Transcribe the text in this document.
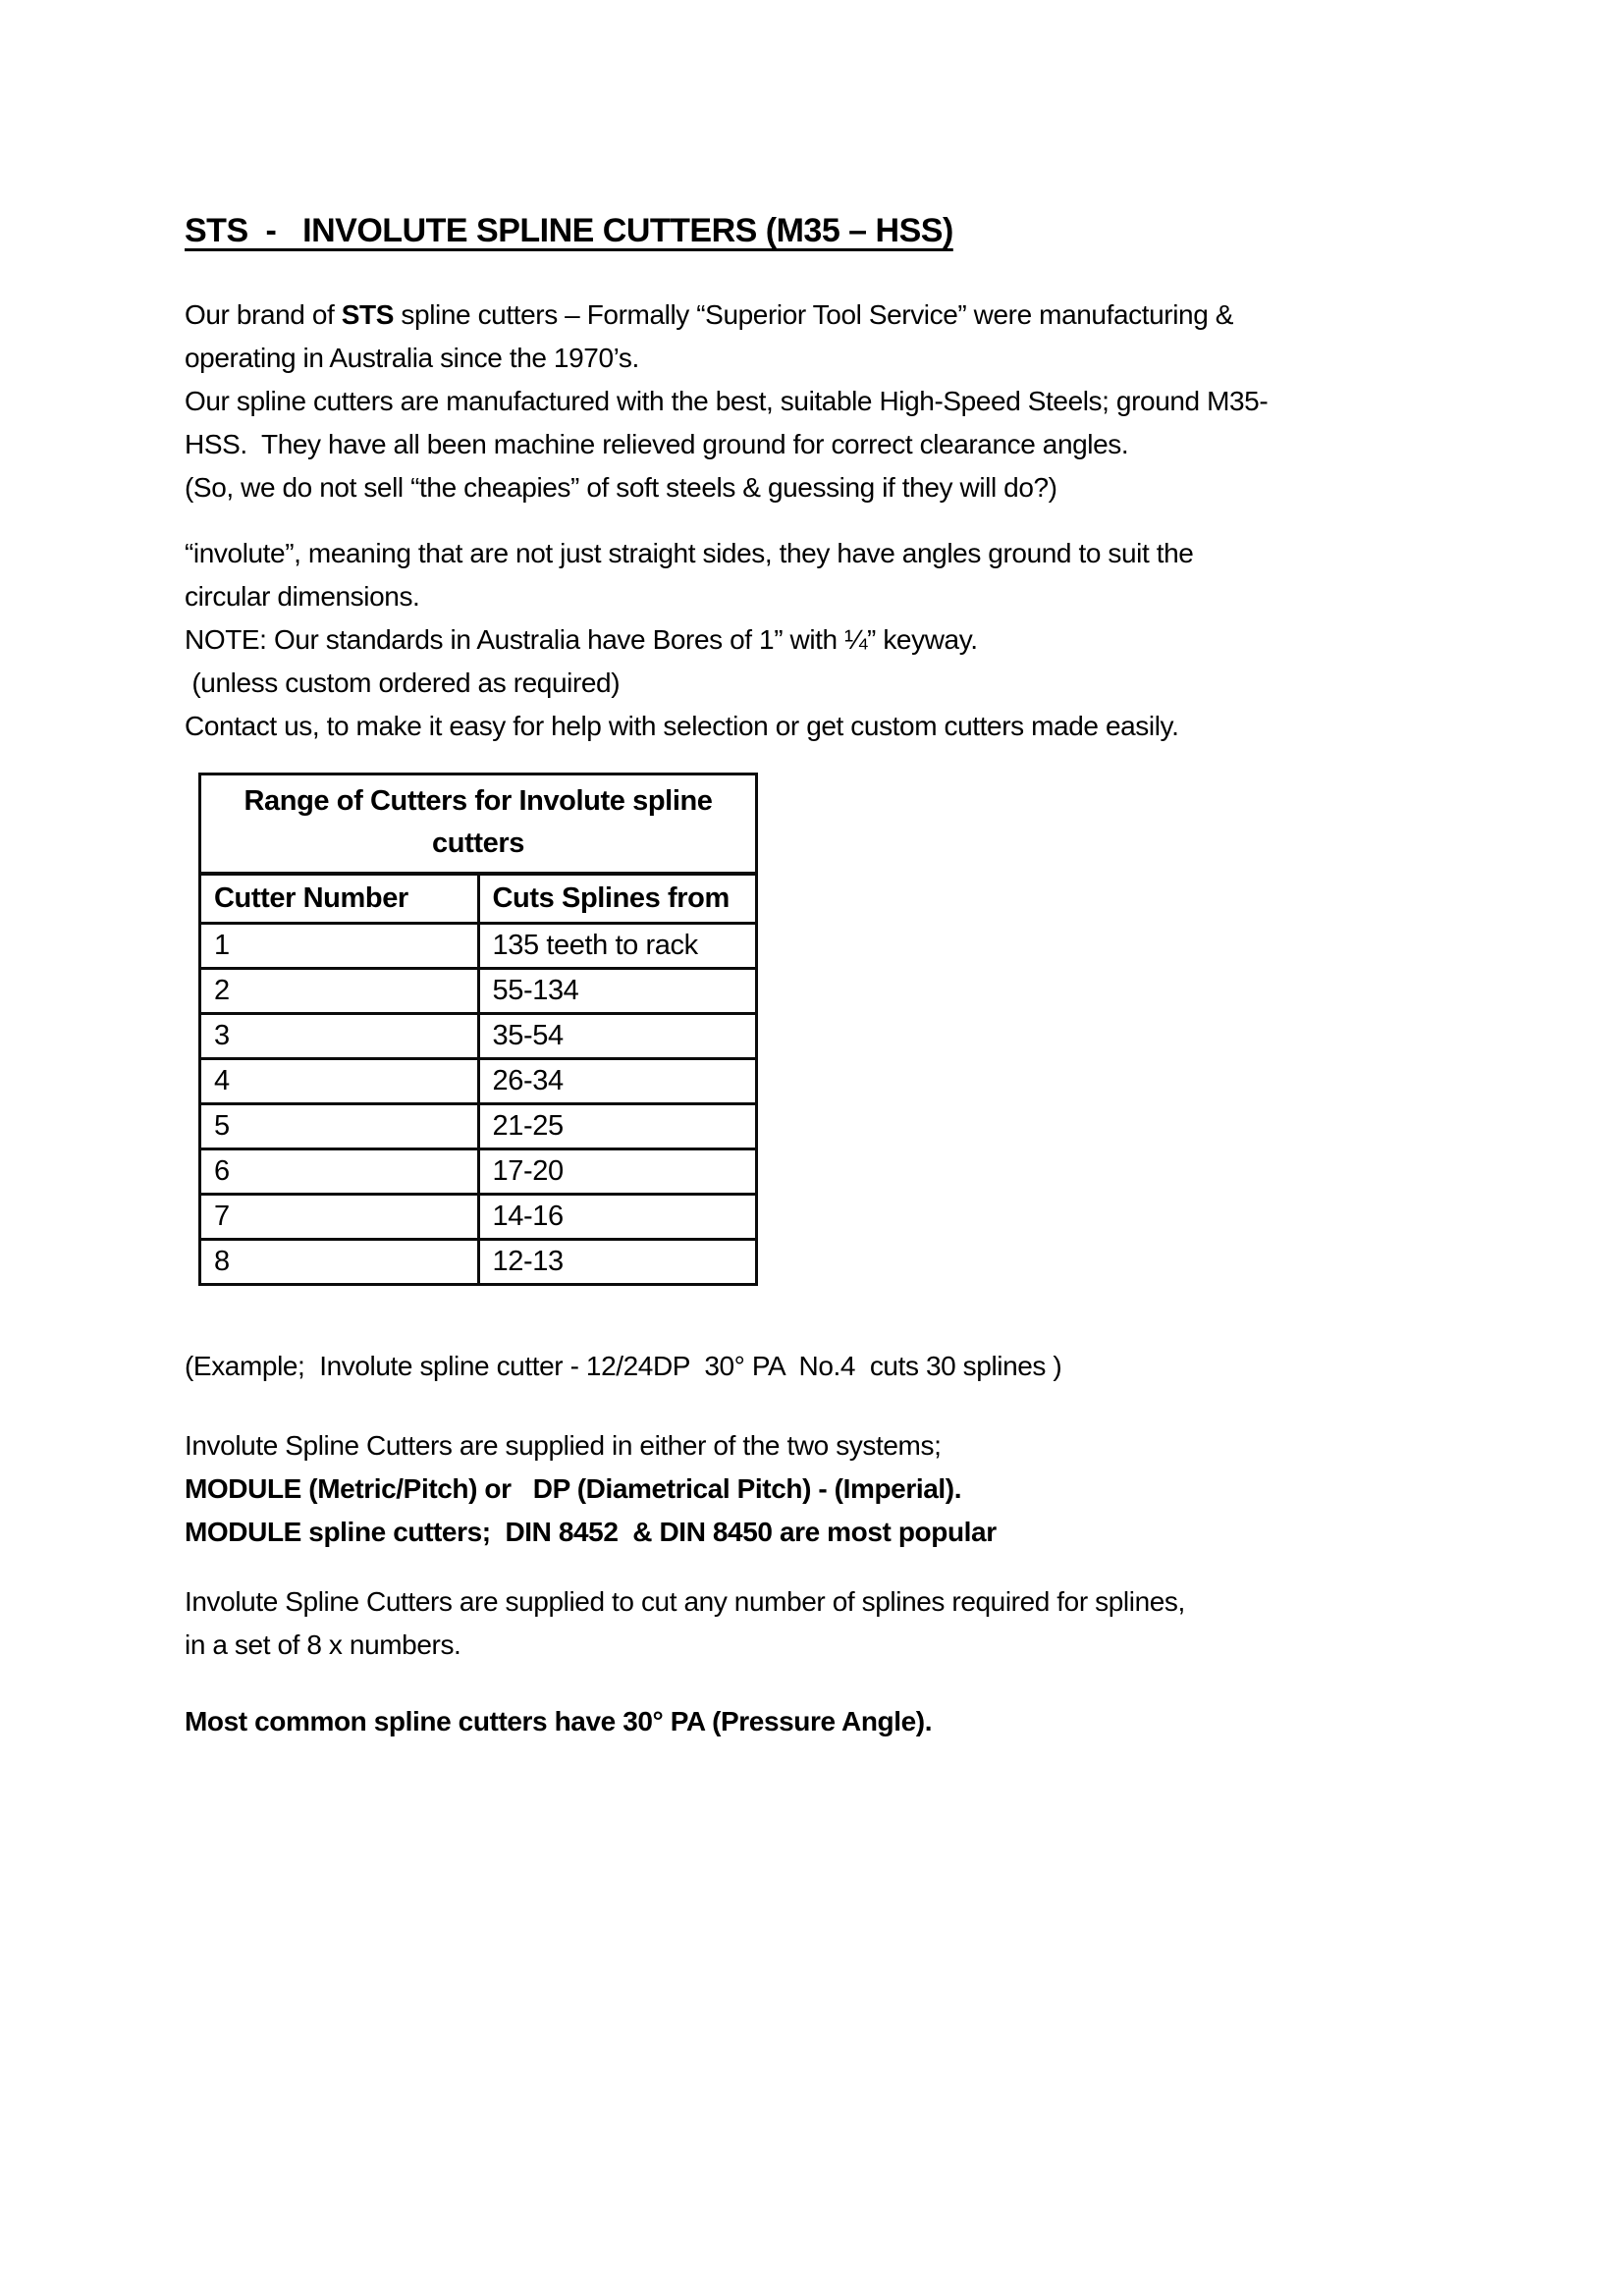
STS  -   INVOLUTE SPLINE CUTTERS (M35 – HSS)

Our brand of STS spline cutters – Formally “Superior Tool Service” were manufacturing &
operating in Australia since the 1970’s.
Our spline cutters are manufactured with the best, suitable High-Speed Steels; ground M35-
HSS.  They have all been machine relieved ground for correct clearance angles.
(So, we do not sell “the cheapies” of soft steels & guessing if they will do?)

“involute”, meaning that are not just straight sides, they have angles ground to suit the
circular dimensions.
NOTE: Our standards in Australia have Bores of 1” with ¼” keyway.
(unless custom ordered as required)
Contact us, to make it easy for help with selection or get custom cutters made easily.

Range of Cutters for Involute spline
cutters	

Cutter Number	Cuts Splines from
1	135 teeth to rack
2	55-134
3	35-54
4	26-34
5	21-25
6	17-20
7	14-16
8	12-13

(Example;  Involute spline cutter - 12/24DP  30° PA  No.4  cuts 30 splines )

Involute Spline Cutters are supplied in either of the two systems;
MODULE (Metric/Pitch) or   DP (Diametrical Pitch) - (Imperial).
MODULE spline cutters;  DIN 8452  & DIN 8450 are most popular

Involute Spline Cutters are supplied to cut any number of splines required for splines,
in a set of 8 x numbers.

Most common spline cutters have 30° PA (Pressure Angle).
